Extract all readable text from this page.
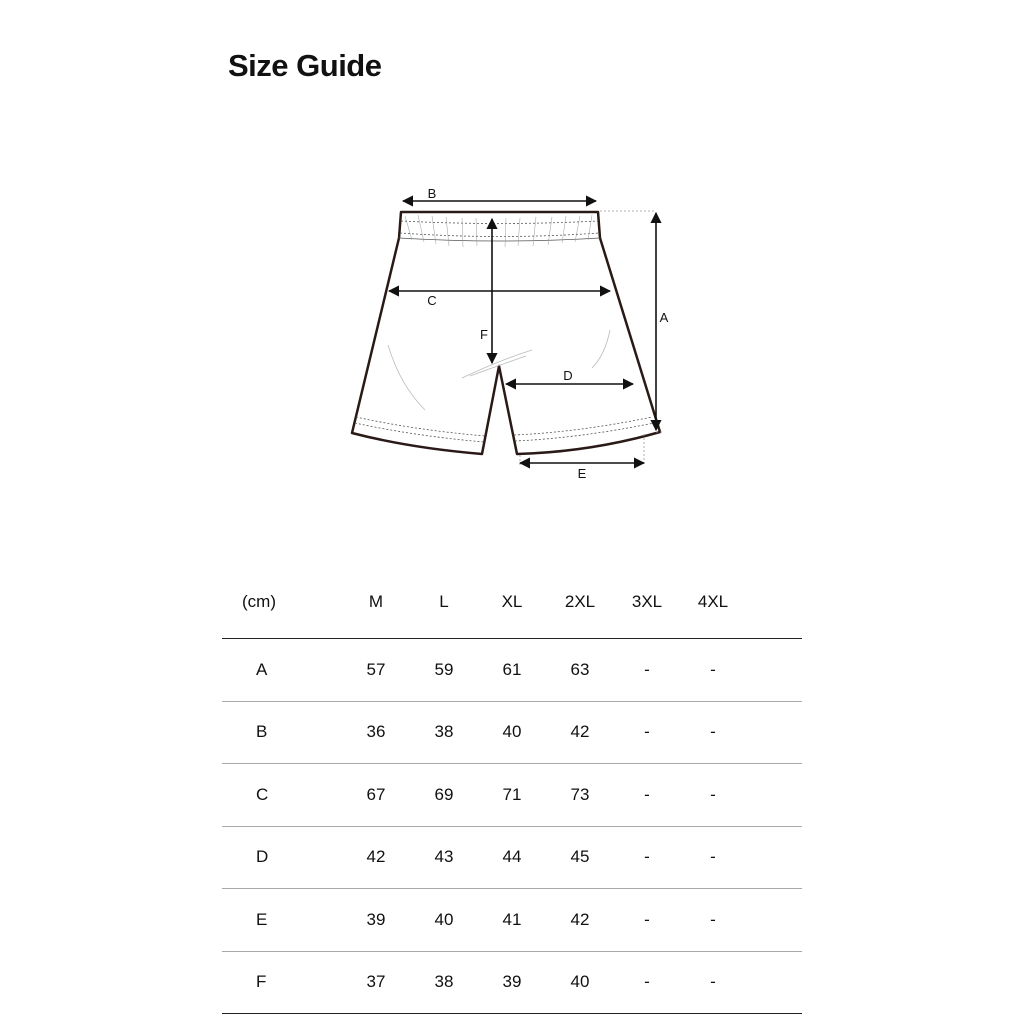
Size Guide
B
C
A
F
D
E
(cm)	M	L	XL	2XL	3XL	4XL	
A	57	59	61	63	-	-	
B	36	38	40	42	-	-	
C	67	69	71	73	-	-	
D	42	43	44	45	-	-	
E	39	40	41	42	-	-	
F	37	38	39	40	-	-	
